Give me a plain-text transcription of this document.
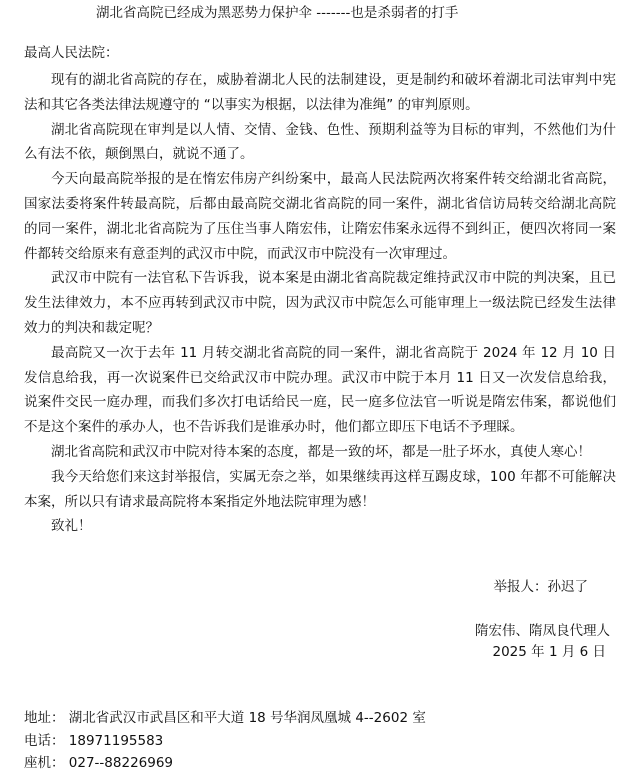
湖北省高院已经成为黑恶势力保护伞 -------也是杀弱者的打手
最高人民法院：

现有的湖北省高院的存在，威胁着湖北人民的法制建设，更是制约和破坏着湖北司法审判中宪法和其它各类法律法规遵守的 “以事实为根据，以法律为准绳” 的审判原则。

湖北省高院现在审判是以人情、交情、金钱、色性、预期利益等为目标的审判，不然他们为什么有法不依，颠倒黑白，就说不通了。

今天向最高院举报的是在惰宏伟房产纠纷案中，最高人民法院两次将案件转交给湖北省高院，国家法委将案件转最高院，后都由最高院交湖北省高院的同一案件，湖北省信访局转交给湖北高院的同一案件，湖北北省高院为了压住当事人隋宏伟，让隋宏伟案永远得不到纠正，便四次将同一案件都转交给原来有意歪判的武汉市中院，而武汉市中院没有一次审理过。

武汉市中院有一法官私下告诉我，说本案是由湖北省高院裁定维持武汉市中院的判决案，且已发生法律效力，本不应再转到武汉市中院，因为武汉市中院怎么可能审理上一级法院已经发生法律效力的判决和裁定呢？

最高院又一次于去年 11 月转交湖北省高院的同一案件，湖北省高院于 2024 年 12 月 10 日发信息给我，再一次说案件已交给武汉市中院办理。武汉市中院于本月 11 日又一次发信息给我，说案件交民一庭办理，而我们多次打电话给民一庭，民一庭多位法官一听说是隋宏伟案，都说他们不是这个案件的承办人，也不告诉我们是谁承办时，他们都立即压下电话不予理睬。

湖北省高院和武汉市中院对待本案的态度，都是一致的坏，都是一肚子坏水，真使人寒心！

我今天给您们来这封举报信，实属无奈之举，如果继续再这样互踢皮球，100 年都不可能解决本案，所以只有请求最高院将本案指定外地法院审理为感！

致礼！

举报人：孙迟了
隋宏伟、隋凤良代理人
2025 年 1 月 6 日
地址： 湖北省武汉市武昌区和平大道 18 号华润凤凰城 4--2602 室
电话： 18971195583
座机： 027--88226969
